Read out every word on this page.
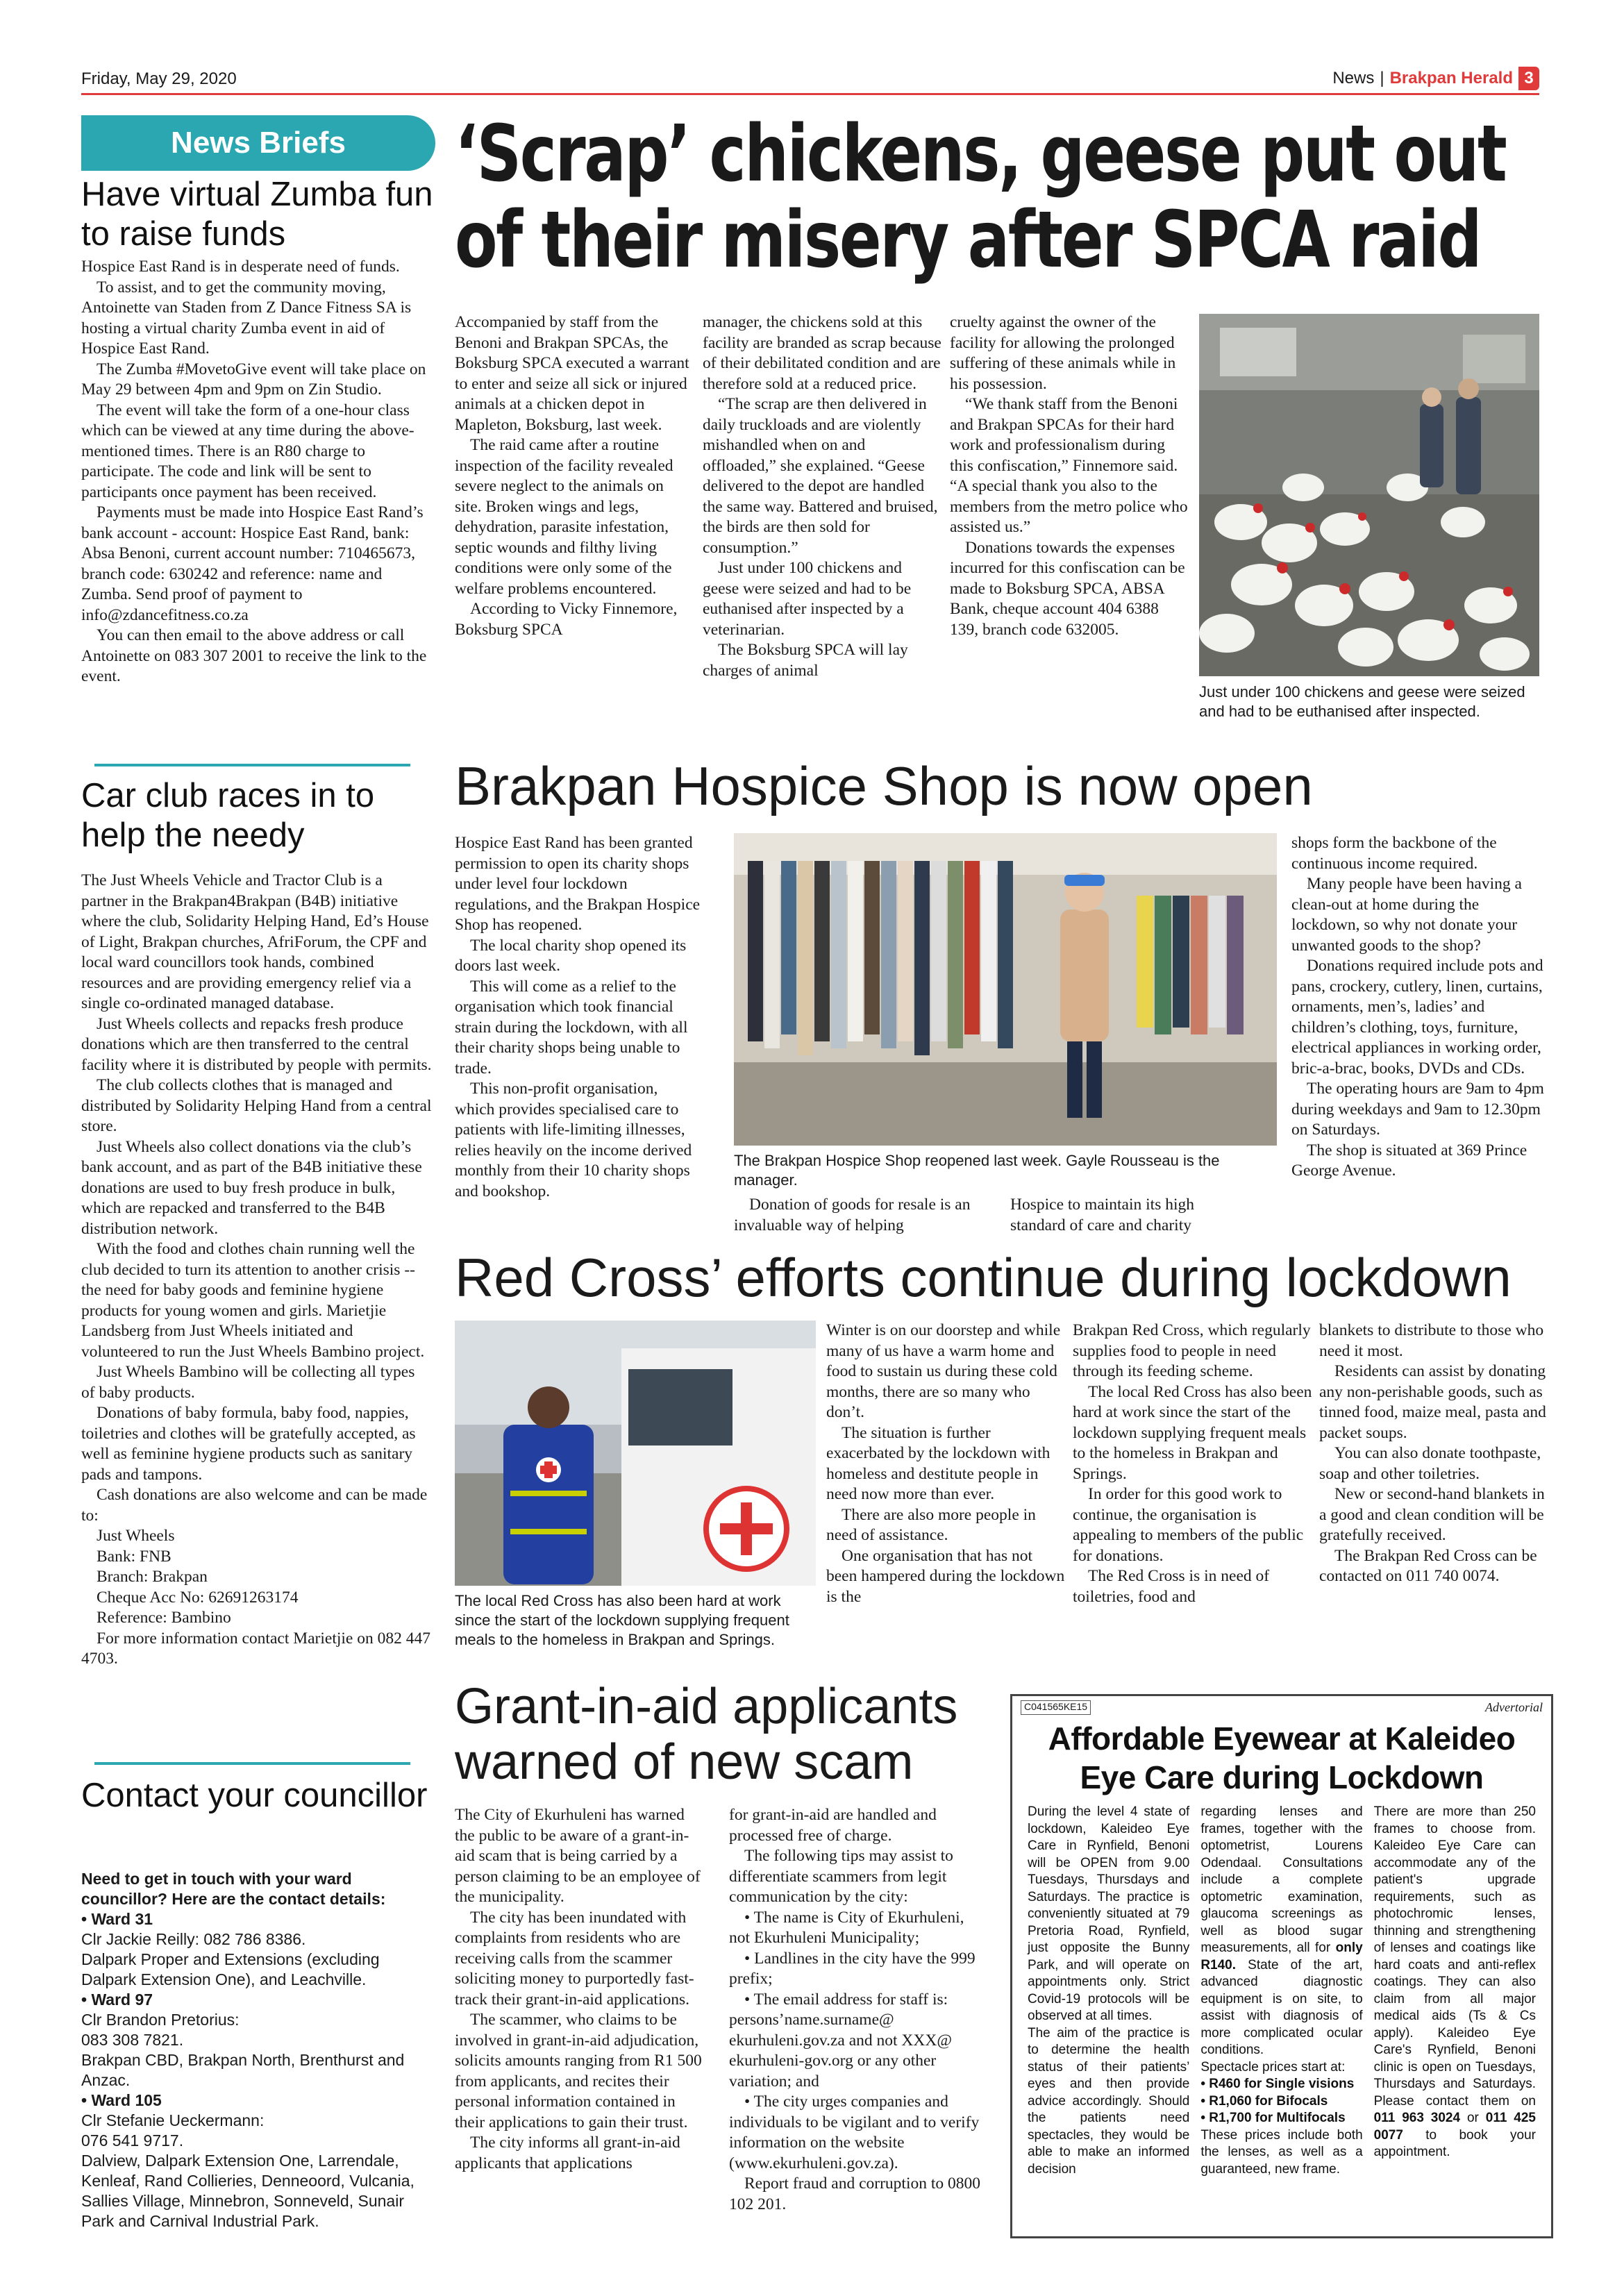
Friday, May 29, 2020	News | Brakpan Herald 3
News Briefs
Have virtual Zumba fun to raise funds

Hospice East Rand is in desperate need of funds.

To assist, and to get the community moving, Antoinette van Staden from Z Dance Fitness SA is hosting a virtual charity Zumba event in aid of Hospice East Rand.

The Zumba #MovetoGive event will take place on May 29 between 4pm and 9pm on Zin Studio.

The event will take the form of a one-hour class which can be viewed at any time during the above-mentioned times. There is an R80 charge to participate. The code and link will be sent to participants once payment has been received.

Payments must be made into Hospice East Rand’s bank account - account: Hospice East Rand, bank: Absa Benoni, current account number: 710465673, branch code: 630242 and reference: name and Zumba. Send proof of payment to info@zdancefitness.co.za

You can then email to the above address or call Antoinette on 083 307 2001 to receive the link to the event.

Car club races in to help the needy

The Just Wheels Vehicle and Tractor Club is a partner in the Brakpan4Brakpan (B4B) initiative where the club, Solidarity Helping Hand, Ed’s House of Light, Brakpan churches, AfriForum, the CPF and local ward councillors took hands, combined resources and are providing emergency relief via a single co-ordinated managed database.

Just Wheels collects and repacks fresh produce donations which are then transferred to the central facility where it is distributed by people with permits.

The club collects clothes that is managed and distributed by Solidarity Helping Hand from a central store.

Just Wheels also collect donations via the club’s bank account, and as part of the B4B initiative these donations are used to buy fresh produce in bulk, which are repacked and transferred to the B4B distribution network.

With the food and clothes chain running well the club decided to turn its attention to another crisis -- the need for baby goods and feminine hygiene products for young women and girls. Marietjie Landsberg from Just Wheels initiated and volunteered to run the Just Wheels Bambino project.

Just Wheels Bambino will be collecting all types of baby products.

Donations of baby formula, baby food, nappies, toiletries and clothes will be gratefully accepted, as well as feminine hygiene products such as sanitary pads and tampons.

Cash donations are also welcome and can be made to:

Just Wheels

Bank: FNB

Branch: Brakpan

Cheque Acc No: 62691263174

Reference: Bambino

For more information contact Marietjie on 082 447 4703.

Contact your councillor
Need to get in touch with your ward councillor? Here are the contact details:
• Ward 31
Clr Jackie Reilly: 082 786 8386.
Dalpark Proper and Extensions (excluding Dalpark Extension One), and Leachville.
• Ward 97
Clr Brandon Pretorius:
083 308 7821.
Brakpan CBD, Brakpan North, Brenthurst and Anzac.
• Ward 105
Clr Stefanie Ueckermann:
076 541 9717.
Dalview, Dalpark Extension One, Larrendale, Kenleaf, Rand Collieries, Denneoord, Vulcania, Sallies Village, Minnebron, Sonneveld, Sunair Park and Carnival Industrial Park.
‘Scrap’ chickens, geese put out
of their misery after SPCA raid

Accompanied by staff from the Benoni and Brakpan SPCAs, the Boksburg SPCA executed a warrant to enter and seize all sick or injured animals at a chicken depot in Mapleton, Boksburg, last week.

The raid came after a routine inspection of the facility revealed severe neglect to the animals on site. Broken wings and legs, dehydration, parasite infestation, septic wounds and filthy living conditions were only some of the welfare problems encountered.

According to Vicky Finnemore, Boksburg SPCA

manager, the chickens sold at this facility are branded as scrap because of their debilitated condition and are therefore sold at a reduced price.

“The scrap are then delivered in daily truckloads and are violently mishandled when on and offloaded,” she explained. “Geese delivered to the depot are handled the same way. Battered and bruised, the birds are then sold for consumption.”

Just under 100 chickens and geese were seized and had to be euthanised after inspected by a veterinarian.

The Boksburg SPCA will lay charges of animal

cruelty against the owner of the facility for allowing the prolonged suffering of these animals while in his possession.

“We thank staff from the Benoni and Brakpan SPCAs for their hard work and professionalism during this confiscation,” Finnemore said. “A special thank you also to the members from the metro police who assisted us.”

Donations towards the expenses incurred for this confiscation can be made to Boksburg SPCA, ABSA Bank, cheque account 404 6388 139, branch code 632005.

Just under 100 chickens and geese were seized and had to be euthanised after inspected.
Brakpan Hospice Shop is now open

Hospice East Rand has been granted permission to open its charity shops under level four lockdown regulations, and the Brakpan Hospice Shop has reopened.

The local charity shop opened its doors last week.

This will come as a relief to the organisation which took financial strain during the lockdown, with all their charity shops being unable to trade.

This non-profit organisation, which provides specialised care to patients with life-limiting illnesses, relies heavily on the income derived monthly from their 10 charity shops and bookshop.

The Brakpan Hospice Shop reopened last week. Gayle Rousseau is the manager.

Donation of goods for resale is an invaluable way of helping

Hospice to maintain its high standard of care and charity

shops form the backbone of the continuous income required.

Many people have been having a clean-out at home during the lockdown, so why not donate your unwanted goods to the shop?

Donations required include pots and pans, crockery, cutlery, linen, curtains, ornaments, men’s, ladies’ and children’s clothing, toys, furniture, electrical appliances in working order, bric-a-brac, books, DVDs and CDs.

The operating hours are 9am to 4pm during weekdays and 9am to 12.30pm on Saturdays.

The shop is situated at 369 Prince George Avenue.

Red Cross’ efforts continue during lockdown
The local Red Cross has also been hard at work since the start of the lockdown supplying frequent meals to the homeless in Brakpan and Springs.

Winter is on our doorstep and while many of us have a warm home and food to sustain us during these cold months, there are so many who don’t.

The situation is further exacerbated by the lockdown with homeless and destitute people in need now more than ever.

There are also more people in need of assistance.

One organisation that has not been hampered during the lockdown is the

Brakpan Red Cross, which regularly supplies food to people in need through its feeding scheme.

The local Red Cross has also been hard at work since the start of the lockdown supplying frequent meals to the homeless in Brakpan and Springs.

In order for this good work to continue, the organisation is appealing to members of the public for donations.

The Red Cross is in need of toiletries, food and

blankets to distribute to those who need it most.

Residents can assist by donating any non-perishable goods, such as tinned food, maize meal, pasta and packet soups.

You can also donate toothpaste, soap and other toiletries.

New or second-hand blankets in a good and clean condition will be gratefully received.

The Brakpan Red Cross can be contacted on 011 740 0074.

Grant-in-aid applicants
warned of new scam

The City of Ekurhuleni has warned the public to be aware of a grant-in-aid scam that is being carried by a person claiming to be an employee of the municipality.

The city has been inundated with complaints from residents who are receiving calls from the scammer soliciting money to purportedly fast-track their grant-in-aid applications.

The scammer, who claims to be involved in grant-in-aid adjudication, solicits amounts ranging from R1 500 from applicants, and recites their personal information contained in their applications to gain their trust.

The city informs all grant-in-aid applicants that applications

for grant-in-aid are handled and processed free of charge.

The following tips may assist to differentiate scammers from legit communication by the city:

• The name is City of Ekurhuleni, not Ekurhuleni Municipality;

• Landlines in the city have the 999 prefix;

• The email address for staff is: persons’name.surname@ ekurhuleni.gov.za and not XXX@ ekurhuleni-gov.org or any other variation; and

• The city urges companies and individuals to be vigilant and to verify information on the website (www.ekurhuleni.gov.za).

Report fraud and corruption to 0800 102 201.

C041565KE15	Advertorial
Affordable Eyewear at Kaleideo
Eye Care during Lockdown
During the level 4 state of lockdown, Kaleideo Eye Care in Rynfield, Benoni will be OPEN from 9.00 Tuesdays, Thursdays and Saturdays. The practice is conveniently situated at 79 Pretoria Road, Rynfield, just opposite the Bunny Park, and will operate on appointments only. Strict Covid-19 protocols will be observed at all times.
The aim of the practice is to determine the health status of their patients’ eyes and then provide advice accordingly. Should the patients need spectacles, they would be able to make an informed decision
regarding lenses and frames, together with the optometrist, Lourens Odendaal. Consultations include a complete optometric examination, glaucoma screenings as well as blood sugar measurements, all for only R140. State of the art, advanced diagnostic equipment is on site, to assist with diagnosis of more complicated ocular conditions.
Spectacle prices start at:
• R460 for Single visions
• R1,060 for Bifocals
• R1,700 for Multifocals
These prices include both the lenses, as well as a guaranteed, new frame.
There are more than 250 frames to choose from. Kaleideo Eye Care can accommodate any of the patient's upgrade requirements, such as photochromic lenses, thinning and strengthening of lenses and coatings like hard coats and anti-reflex coatings. They can also claim from all major medical aids (Ts & Cs apply). Kaleideo Eye Care's Rynfield, Benoni clinic is open on Tuesdays, Thursdays and Saturdays. Please contact them on 011 963 3024 or 011 425 0077 to book your appointment.
